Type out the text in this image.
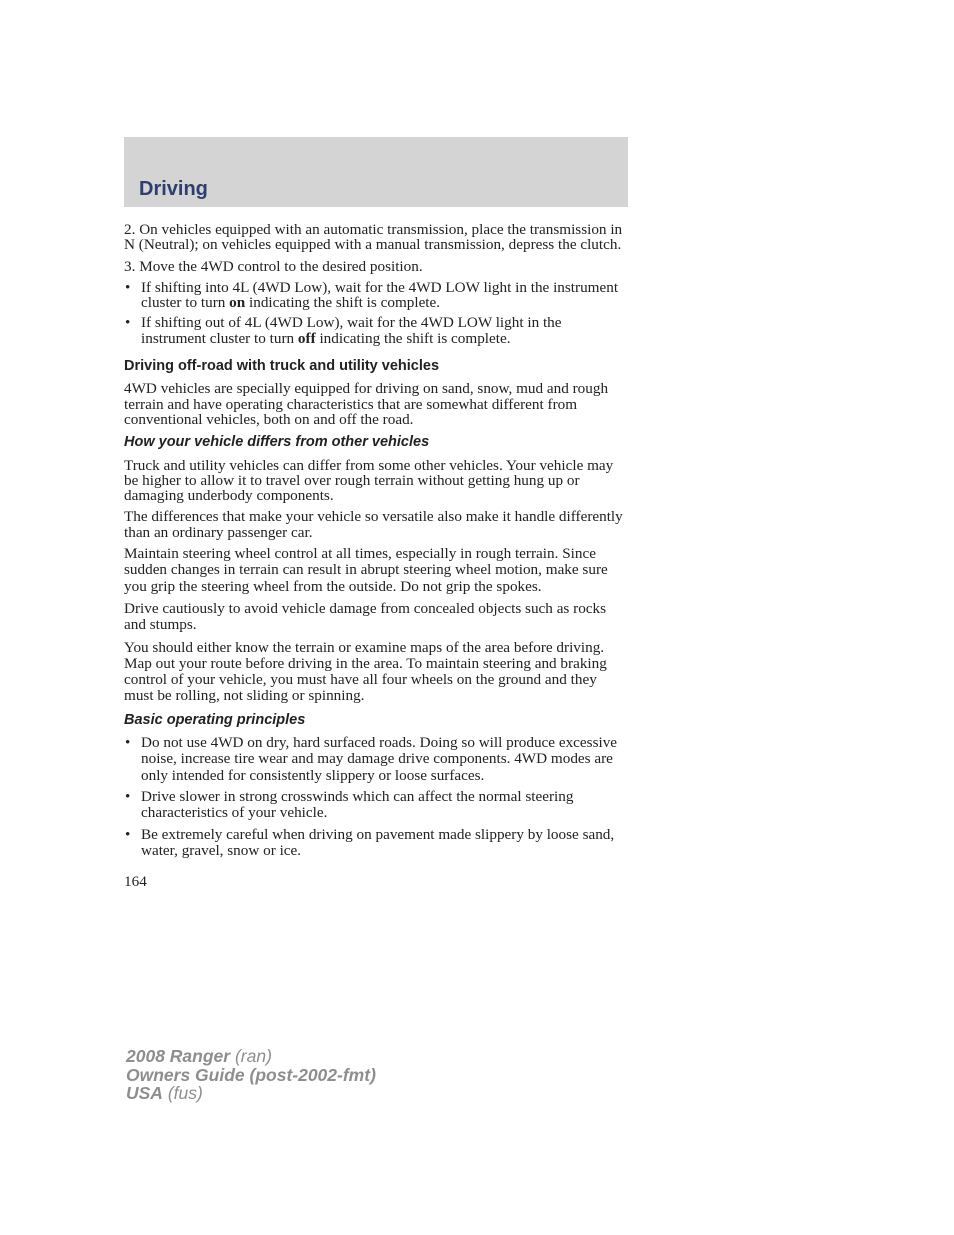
Driving

2. On vehicles equipped with an automatic transmission, place the transmission in N (Neutral); on vehicles equipped with a manual transmission, depress the clutch.

3. Move the 4WD control to the desired position.

• If shifting into 4L (4WD Low), wait for the 4WD LOW light in the instrument cluster to turn on indicating the shift is complete.
• If shifting out of 4L (4WD Low), wait for the 4WD LOW light in the instrument cluster to turn off indicating the shift is complete.
Driving off-road with truck and utility vehicles

4WD vehicles are specially equipped for driving on sand, snow, mud and rough terrain and have operating characteristics that are somewhat different from conventional vehicles, both on and off the road.

How your vehicle differs from other vehicles

Truck and utility vehicles can differ from some other vehicles. Your vehicle may be higher to allow it to travel over rough terrain without getting hung up or damaging underbody components.

The differences that make your vehicle so versatile also make it handle differently than an ordinary passenger car.

Maintain steering wheel control at all times, especially in rough terrain. Since sudden changes in terrain can result in abrupt steering wheel motion, make sure you grip the steering wheel from the outside. Do not grip the spokes.

Drive cautiously to avoid vehicle damage from concealed objects such as rocks and stumps.

You should either know the terrain or examine maps of the area before driving. Map out your route before driving in the area. To maintain steering and braking control of your vehicle, you must have all four wheels on the ground and they must be rolling, not sliding or spinning.

Basic operating principles
• Do not use 4WD on dry, hard surfaced roads. Doing so will produce excessive noise, increase tire wear and may damage drive components. 4WD modes are only intended for consistently slippery or loose surfaces.
• Drive slower in strong crosswinds which can affect the normal steering characteristics of your vehicle.
• Be extremely careful when driving on pavement made slippery by loose sand, water, gravel, snow or ice.
164
2008 Ranger (ran)
Owners Guide (post-2002-fmt)
USA (fus)
